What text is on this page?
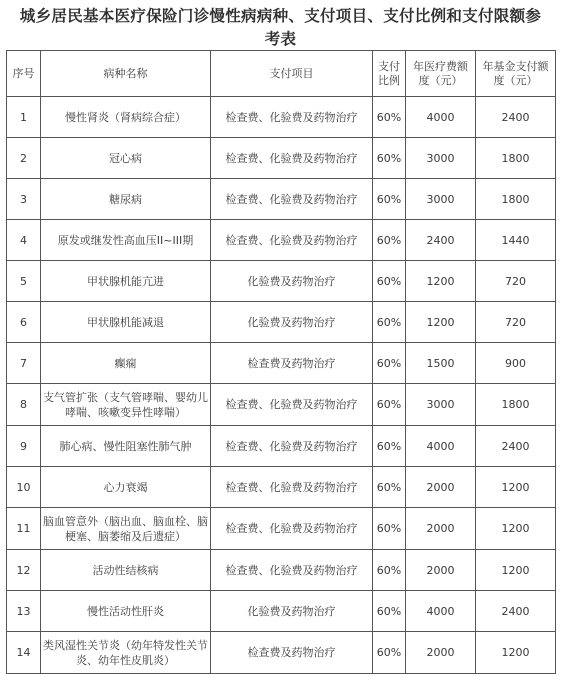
城乡居民基本医疗保险门诊慢性病病种、支付项目、支付比例和支付限额参
考表
序号	病种名称	支付项目	支付比例	年医疗费额度（元）	年基金支付额度（元）
1	慢性肾炎（肾病综合症）	检查费、化验费及药物治疗	60%	4000	2400
2	冠心病	检查费、化验费及药物治疗	60%	3000	1800
3	糖尿病	检查费、化验费及药物治疗	60%	3000	1800
4	原发或继发性高血压II~III期	检查费、化验费及药物治疗	60%	2400	1440
5	甲状腺机能亢进	化验费及药物治疗	60%	1200	720
6	甲状腺机能减退	化验费及药物治疗	60%	1200	720
7	癫痫	检查费及药物治疗	60%	1500	900
8	支气管扩张（支气管哮喘、婴幼儿哮喘、咳嗽变异性哮喘）	检查费、化验费及药物治疗	60%	3000	1800
9	肺心病、慢性阻塞性肺气肿	检查费、化验费及药物治疗	60%	4000	2400
10	心力衰竭	检查费、化验费及药物治疗	60%	2000	1200
11	脑血管意外（脑出血、脑血栓、脑梗塞、脑萎缩及后遗症）	检查费、化验费及药物治疗	60%	2000	1200
12	活动性结核病	检查费、化验费及药物治疗	60%	2000	1200
13	慢性活动性肝炎	化验费及药物治疗	60%	4000	2400
14	类风湿性关节炎（幼年特发性关节炎、幼年性皮肌炎）	检查费及药物治疗	60%	2000	1200
